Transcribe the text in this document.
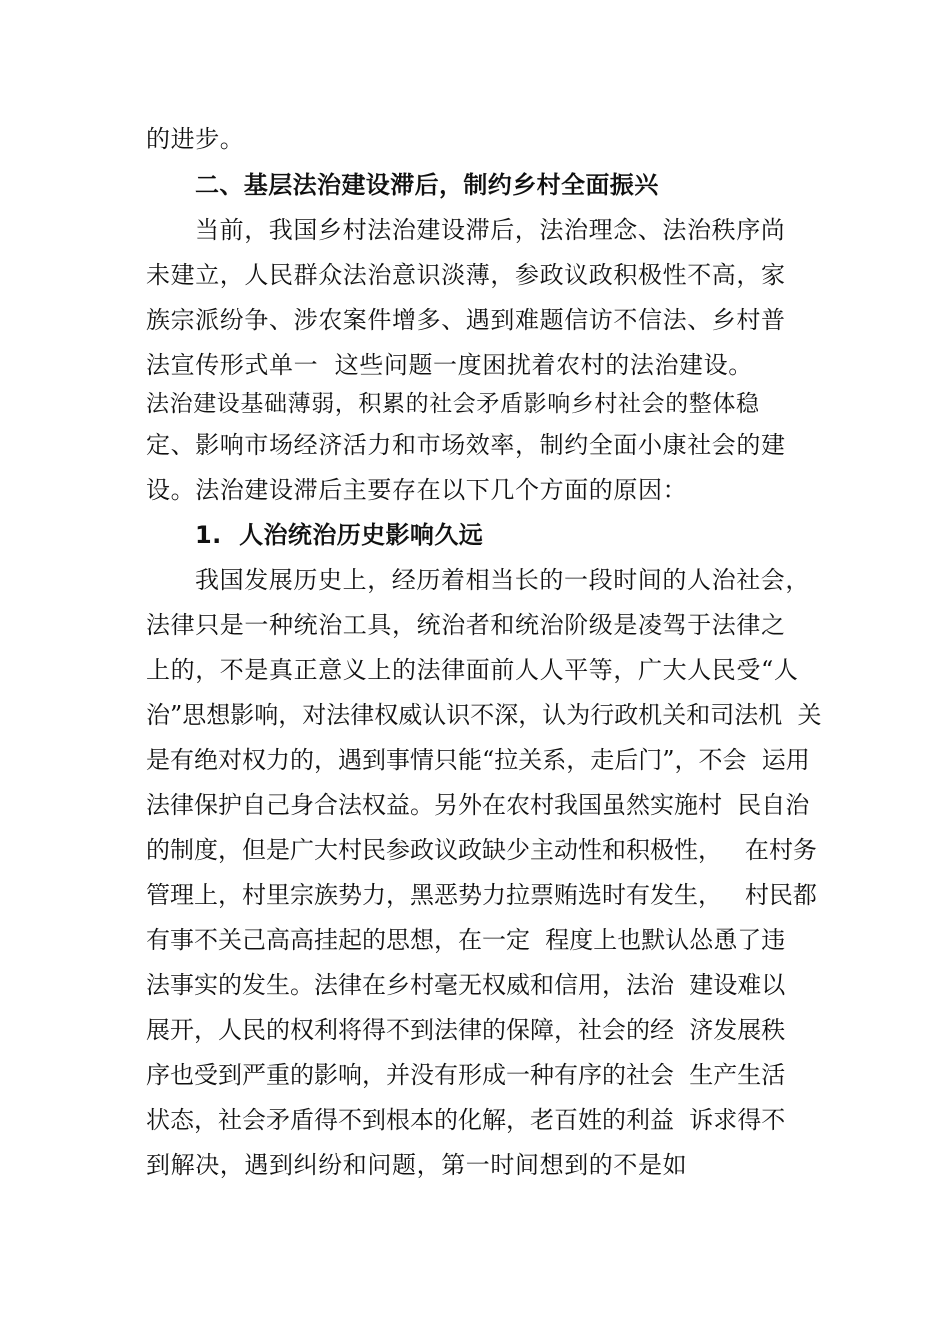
的进步。
二、基层法治建设滞后，制约乡村全面振兴
当前，我国乡村法治建设滞后，法治理念、法治秩序尚
未建立，人民群众法治意识淡薄，参政议政积极性不高，家
族宗派纷争、涉农案件增多、遇到难题信访不信法、乡村普
法宣传形式单一  这些问题一度困扰着农村的法治建设。
法治建设基础薄弱，积累的社会矛盾影响乡村社会的整体稳
定、影响市场经济活力和市场效率，制约全面小康社会的建
设。法治建设滞后主要存在以下几个方面的原因：
1.  人治统治历史影响久远
我国发展历史上，经历着相当长的一段时间的人治社会，
法律只是一种统治工具，统治者和统治阶级是凌驾于法律之
上的，不是真正意义上的法律面前人人平等，广大人民受“人
治”思想影响，对法律权威认识不深，认为行政机关和司法机  关
是有绝对权力的，遇到事情只能“拉关系，走后门”，不会  运用
法律保护自己身合法权益。另外在农村我国虽然实施村  民自治
的制度，但是广大村民参政议政缺少主动性和积极性，   在村务
管理上，村里宗族势力，黑恶势力拉票贿选时有发生，   村民都
有事不关己高高挂起的思想，在一定  程度上也默认怂恿了违
法事实的发生。法律在乡村毫无权威和信用，法治  建设难以
展开，人民的权利将得不到法律的保障，社会的经  济发展秩
序也受到严重的影响，并没有形成一种有序的社会  生产生活
状态，社会矛盾得不到根本的化解，老百姓的利益  诉求得不
到解决，遇到纠纷和问题，第一时间想到的不是如
